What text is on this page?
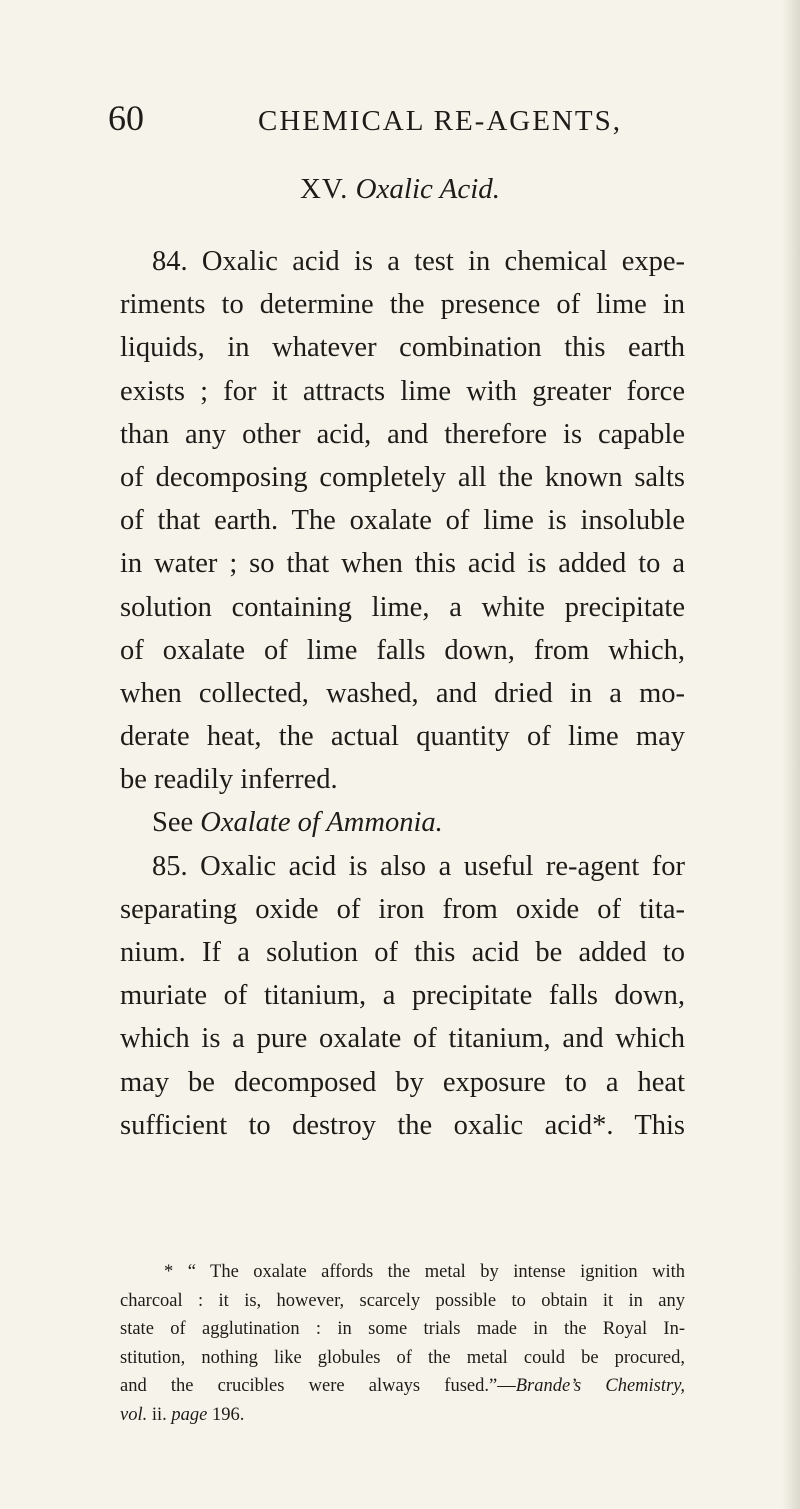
60	CHEMICAL RE-AGENTS,
XV. Oxalic Acid.
84. Oxalic acid is a test in chemical expe-
riments to determine the presence of lime in
liquids, in whatever combination this earth
exists ; for it attracts lime with greater force
than any other acid, and therefore is capable
of decomposing completely all the known salts
of that earth. The oxalate of lime is insoluble
in water ; so that when this acid is added to a
solution containing lime, a white precipitate
of oxalate of lime falls down, from which,
when collected, washed, and dried in a mo-
derate heat, the actual quantity of lime may
be readily inferred.
See Oxalate of Ammonia.
85. Oxalic acid is also a useful re-agent for
separating oxide of iron from oxide of tita-
nium. If a solution of this acid be added to
muriate of titanium, a precipitate falls down,
which is a pure oxalate of titanium, and which
may be decomposed by exposure to a heat
sufficient to destroy the oxalic acid*. This
* “ The oxalate affords the metal by intense ignition with
charcoal : it is, however, scarcely possible to obtain it in any
state of agglutination : in some trials made in the Royal In-
stitution, nothing like globules of the metal could be procured,
and the crucibles were always fused.”—Brande’s Chemistry,
vol. ii. page 196.
